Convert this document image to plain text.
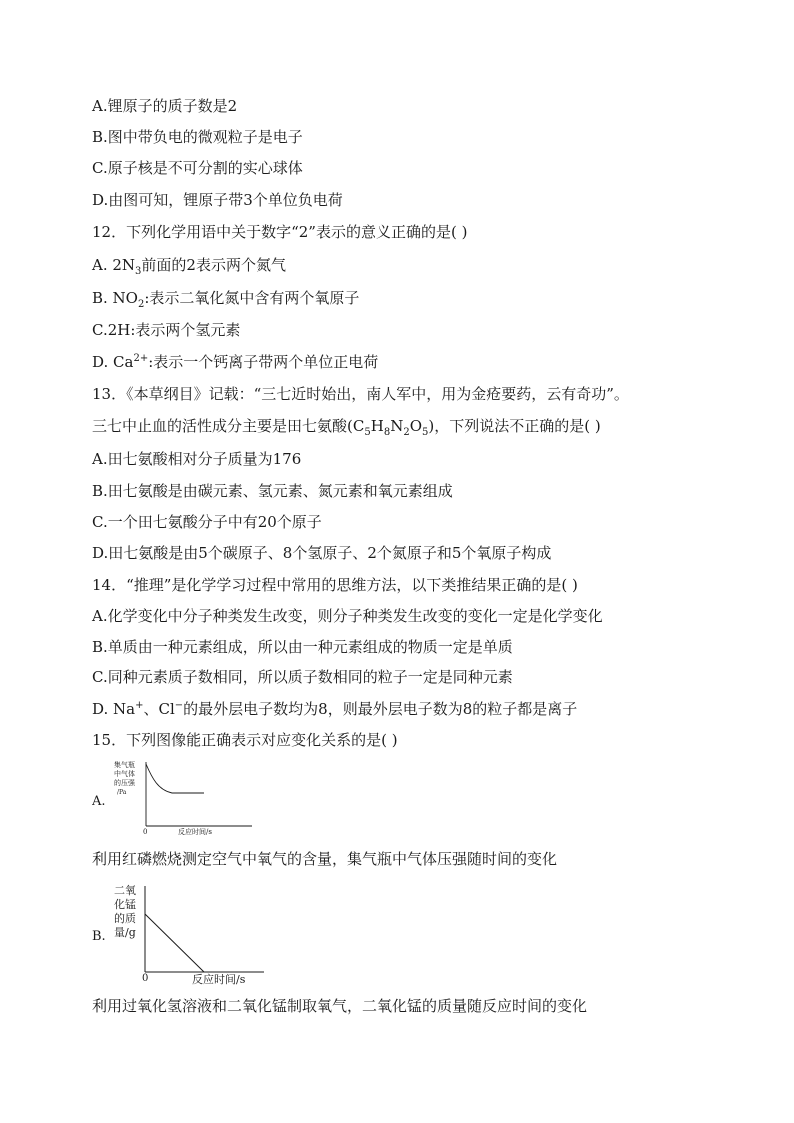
A.锂原子的质子数是2
B.图中带负电的微观粒子是电子
C.原子核是不可分割的实心球体
D.由图可知，锂原子带3个单位负电荷
12．下列化学用语中关于数字“2”表示的意义正确的是( )
A. $2N_3$前面的2表示两个氮气
B. $NO_2$:表示二氧化氮中含有两个氧原子
C.2H:表示两个氢元素
D. $Ca^{2+}$:表示一个钙离子带两个单位正电荷
13．《本草纲目》记载：“三七近时始出，南人军中，用为金疮要药，云有奇功”。
三七中止血的活性成分主要是田七氨酸$(C_5H_8N_2O_5)$，下列说法不正确的是( )
A.田七氨酸相对分子质量为176
B.田七氨酸是由碳元素、氢元素、氮元素和氧元素组成
C.一个田七氨酸分子中有20个原子
D.田七氨酸是由5个碳原子、8个氢原子、2个氮原子和5个氧原子构成
14．“推理”是化学学习过程中常用的思维方法，以下类推结果正确的是( )
A.化学变化中分子种类发生改变，则分子种类发生改变的变化一定是化学变化
B.单质由一种元素组成，所以由一种元素组成的物质一定是单质
C.同种元素质子数相同，所以质子数相同的粒子一定是同种元素
D. Na+、Cl−的最外层电子数均为8，则最外层电子数为8的粒子都是离子
15．下列图像能正确表示对应变化关系的是( )
A.
集气瓶
中气体
的压强
/Pa
0	反应时间/s
利用红磷燃烧测定空气中氧气的含量，集气瓶中气体压强随时间的变化
B.
二氧
化锰
的质
量/g
0	反应时间/s
利用过氧化氢溶液和二氧化锰制取氧气，二氧化锰的质量随反应时间的变化
